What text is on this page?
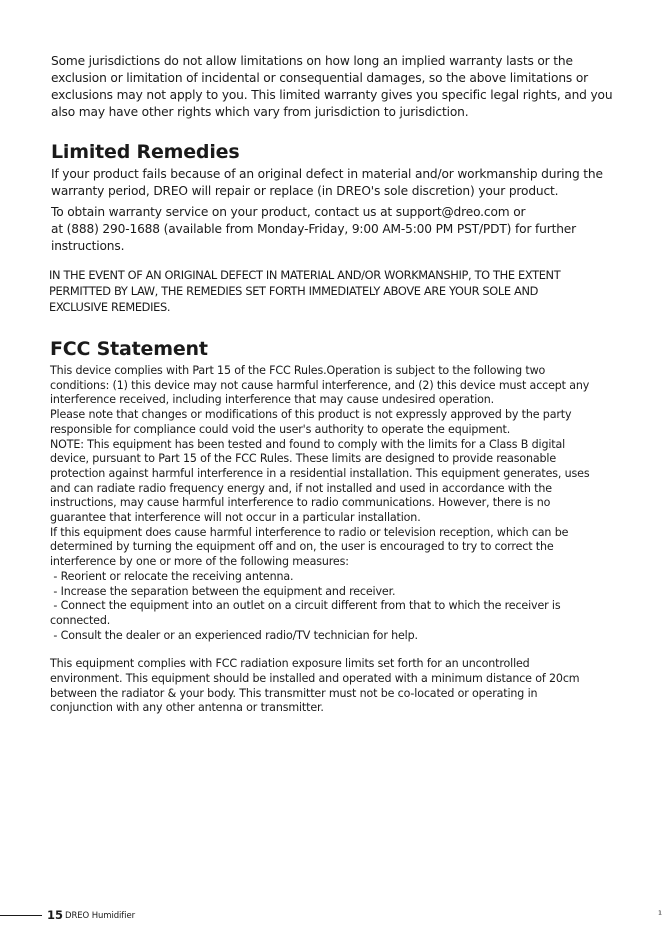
Some jurisdictions do not allow limitations on how long an implied warranty lasts or the
exclusion or limitation of incidental or consequential damages, so the above limitations or
exclusions may not apply to you. This limited warranty gives you specific legal rights, and you
also may have other rights which vary from jurisdiction to jurisdiction.

Limited Remedies

If your product fails because of an original defect in material and/or workmanship during the
warranty period, DREO will repair or replace (in DREO's sole discretion) your product.

To obtain warranty service on your product, contact us at support@dreo.com or
at (888) 290-1688 (available from Monday-Friday, 9:00 AM-5:00 PM PST/PDT) for further
instructions.

IN THE EVENT OF AN ORIGINAL DEFECT IN MATERIAL AND/OR WORKMANSHIP, TO THE EXTENT
PERMITTED BY LAW, THE REMEDIES SET FORTH IMMEDIATELY ABOVE ARE YOUR SOLE AND
EXCLUSIVE REMEDIES.

FCC Statement

This device complies with Part 15 of the FCC Rules.Operation is subject to the following two
conditions: (1) this device may not cause harmful interference, and (2) this device must accept any
interference received, including interference that may cause undesired operation.
Please note that changes or modifications of this product is not expressly approved by the party
responsible for compliance could void the user's authority to operate the equipment.
NOTE: This equipment has been tested and found to comply with the limits for a Class B digital
device, pursuant to Part 15 of the FCC Rules. These limits are designed to provide reasonable
protection against harmful interference in a residential installation. This equipment generates, uses
and can radiate radio frequency energy and, if not installed and used in accordance with the
instructions, may cause harmful interference to radio communications. However, there is no
guarantee that interference will not occur in a particular installation.
If this equipment does cause harmful interference to radio or television reception, which can be
determined by turning the equipment off and on, the user is encouraged to try to correct the
interference by one or more of the following measures:
- Reorient or relocate the receiving antenna.
- Increase the separation between the equipment and receiver.
- Connect the equipment into an outlet on a circuit different from that to which the receiver is
connected.
- Consult the dealer or an experienced radio/TV technician for help.

This equipment complies with FCC radiation exposure limits set forth for an uncontrolled
environment. This equipment should be installed and operated with a minimum distance of 20cm
between the radiator & your body. This transmitter must not be co-located or operating in
conjunction with any other antenna or transmitter.

15 DREO Humidifier	¹
